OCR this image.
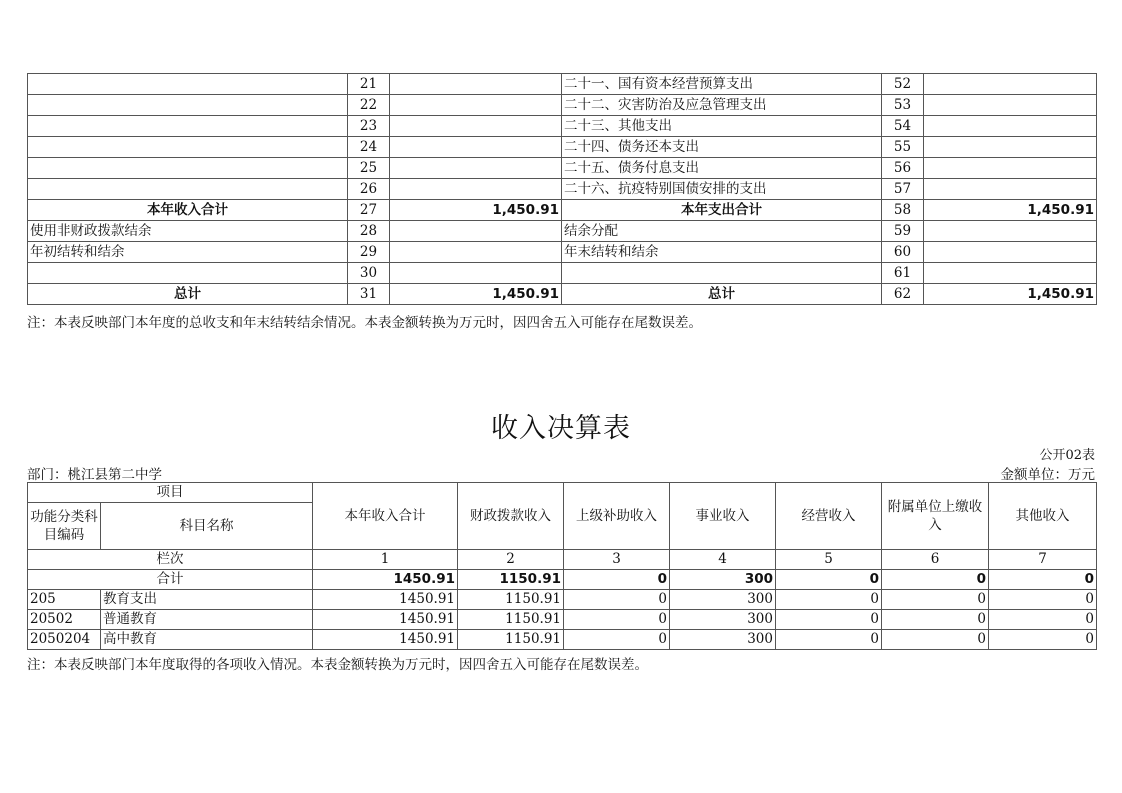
	21		二十一、国有资本经营预算支出	52	
	22		二十二、灾害防治及应急管理支出	53	
	23		二十三、其他支出	54	
	24		二十四、债务还本支出	55	
	25		二十五、债务付息支出	56	
	26		二十六、抗疫特别国债安排的支出	57	
本年收入合计	27	1,450.91	本年支出合计	58	1,450.91
使用非财政拨款结余	28		结余分配	59	
年初结转和结余	29		年末结转和结余	60	
	30			61	
总计	31	1,450.91	总计	62	1,450.91
注：本表反映部门本年度的总收支和年末结转结余情况。本表金额转换为万元时，因四舍五入可能存在尾数误差。
收入决算表
公开02表
部门：桃江县第二中学	金额单位：万元
项目		本年收入合计	财政拨款收入	上级补助收入	事业收入	经营收入	附属单位上缴收入	其他收入
功能分类科目编码	科目名称							
栏次		1	2	3	4	5	6	7
合计		1450.91	1150.91	0	300	0	0	0
205	教育支出	1450.91	1150.91	0	300	0	0	0
20502	普通教育	1450.91	1150.91	0	300	0	0	0
2050204	高中教育	1450.91	1150.91	0	300	0	0	0
注：本表反映部门本年度取得的各项收入情况。本表金额转换为万元时，因四舍五入可能存在尾数误差。
